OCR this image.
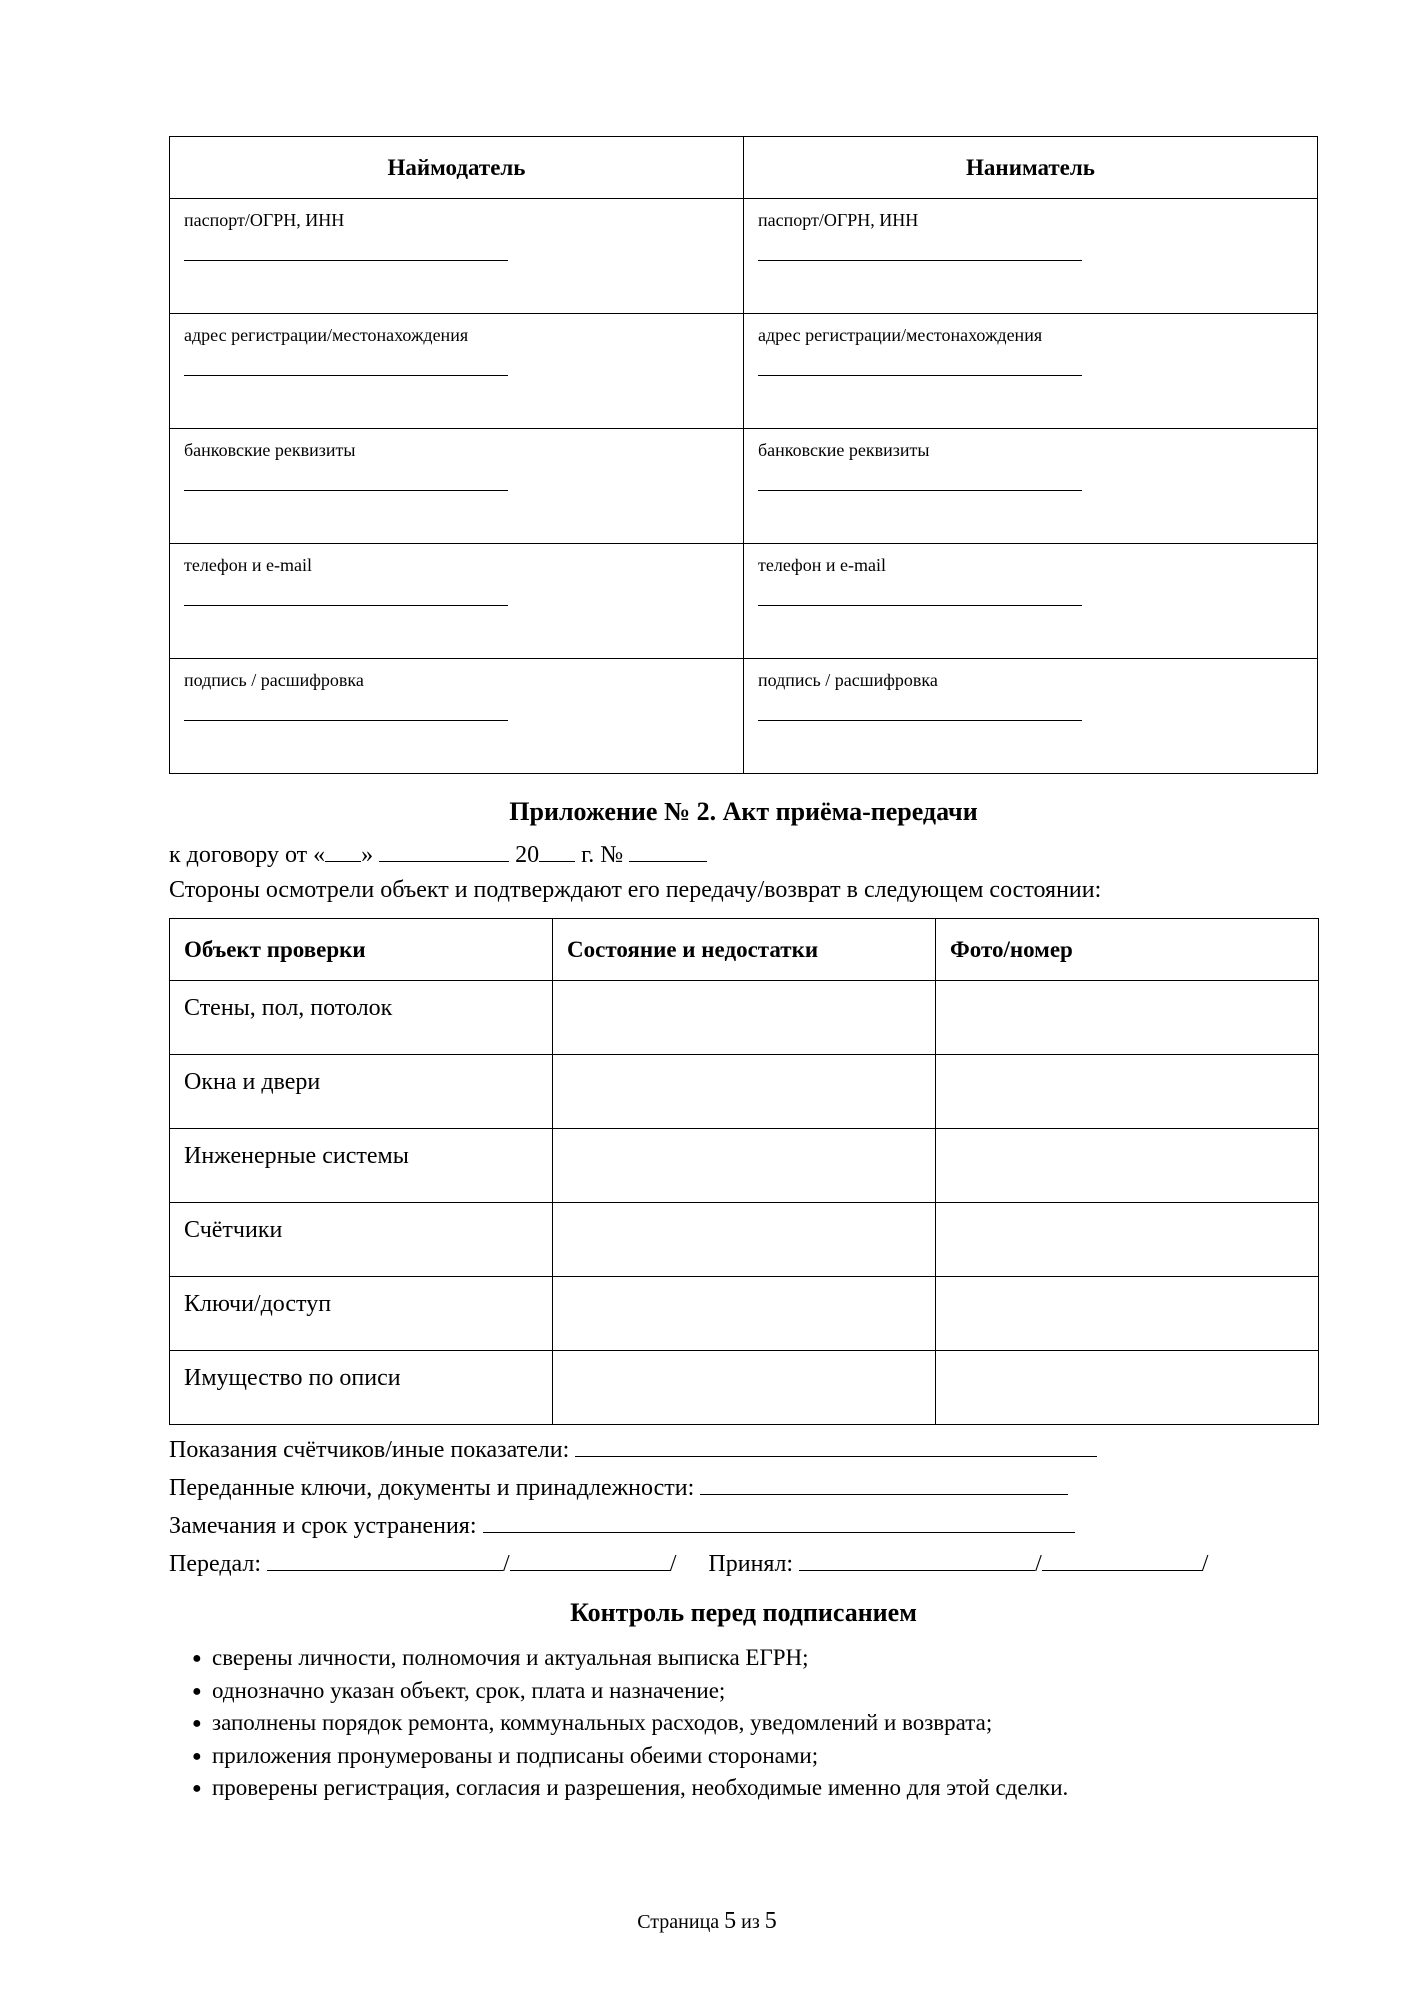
Наймодатель	Наниматель

паспорт/ОГРН, ИНН	паспорт/ОГРН, ИНН

адрес регистрации/местонахождения	адрес регистрации/местонахождения

банковские реквизиты	банковские реквизиты

телефон и e-mail	телефон и e-mail

подпись / расшифровка	подпись / расшифровка
Приложение № 2. Акт приёма-передачи
к договору от « »	20 г. №
Стороны осмотрели объект и подтверждают его передачу/возврат в следующем состоянии:
Объект проверки	Состояние и недостатки	Фото/номер
Стены, пол, потолок		
Окна и двери		
Инженерные системы		
Счётчики		
Ключи/доступ		
Имущество по описи		
Показания счётчиков/иные показатели:
Переданные ключи, документы и принадлежности:
Замечания и срок устранения:
Передал:	/	/ Принял:	/	/
Контроль перед подписанием
● сверены личности, полномочия и актуальная выписка ЕГРН;
● однозначно указан объект, срок, плата и назначение;
● заполнены порядок ремонта, коммунальных расходов, уведомлений и возврата;
● приложения пронумерованы и подписаны обеими сторонами;
● проверены регистрация, согласия и разрешения, необходимые именно для этой сделки.
Страница 5 из 5
